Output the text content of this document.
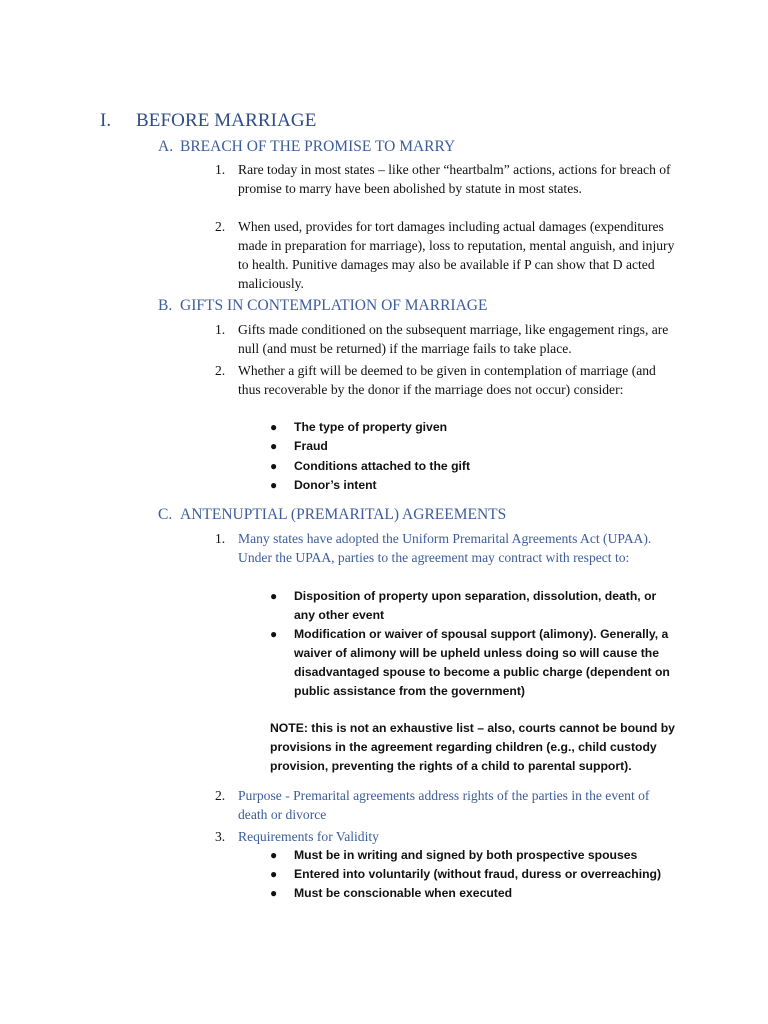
I. BEFORE MARRIAGE
A. BREACH OF THE PROMISE TO MARRY
1. Rare today in most states – like other “heartbalm” actions, actions for breach of promise to marry have been abolished by statute in most states.
2. When used, provides for tort damages including actual damages (expenditures made in preparation for marriage), loss to reputation, mental anguish, and injury to health. Punitive damages may also be available if P can show that D acted maliciously.
B. GIFTS IN CONTEMPLATION OF MARRIAGE
1. Gifts made conditioned on the subsequent marriage, like engagement rings, are null (and must be returned) if the marriage fails to take place.
2. Whether a gift will be deemed to be given in contemplation of marriage (and thus recoverable by the donor if the marriage does not occur) consider:
●	The type of property given
●	Fraud
●	Conditions attached to the gift
●	Donor’s intent
C. ANTENUPTIAL (PREMARITAL) AGREEMENTS
1. Many states have adopted the Uniform Premarital Agreements Act (UPAA). Under the UPAA, parties to the agreement may contract with respect to:
●	Disposition of property upon separation, dissolution, death, or any other event
●	Modification or waiver of spousal support (alimony). Generally, a waiver of alimony will be upheld unless doing so will cause the disadvantaged spouse to become a public charge (dependent on public assistance from the government)
NOTE: this is not an exhaustive list – also, courts cannot be bound by provisions in the agreement regarding children (e.g., child custody provision, preventing the rights of a child to parental support).
2. Purpose - Premarital agreements address rights of the parties in the event of death or divorce
3. Requirements for Validity
●	Must be in writing and signed by both prospective spouses
●	Entered into voluntarily (without fraud, duress or overreaching)
●	Must be conscionable when executed
